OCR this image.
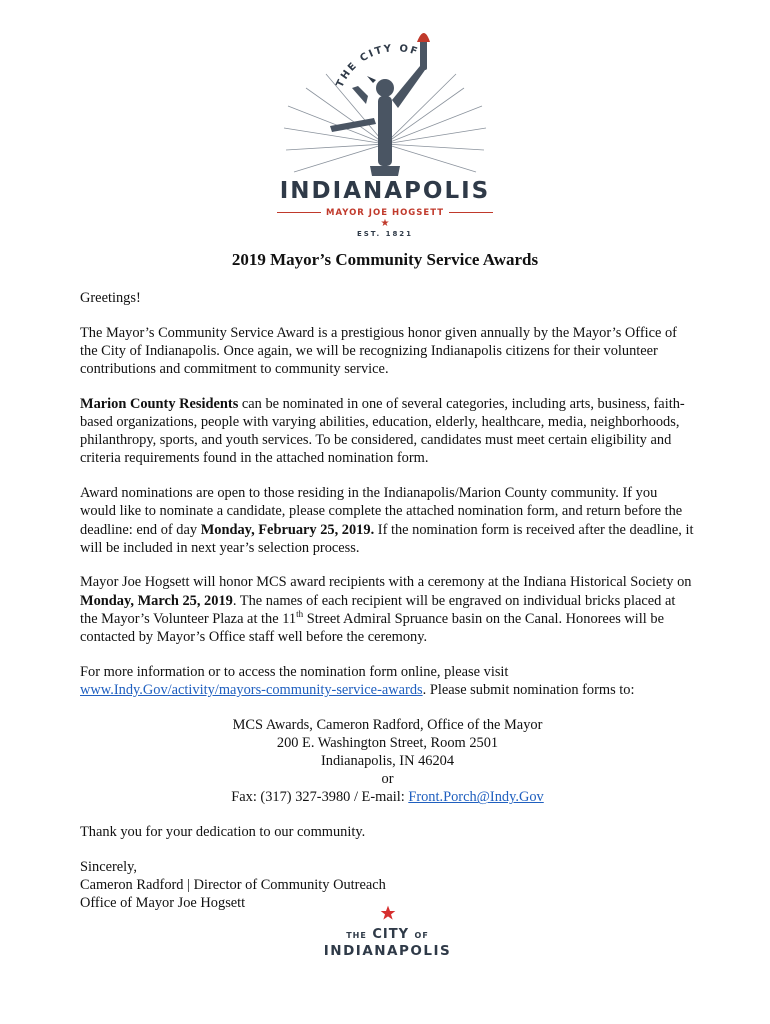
THE CITY OF
INDIANAPOLIS
MAYOR JOE HOGSETT
★
EST. 1821
2019 Mayor’s Community Service Awards

Greetings!

The Mayor’s Community Service Award is a prestigious honor given annually by the Mayor’s Office of the City of Indianapolis. Once again, we will be recognizing Indianapolis citizens for their volunteer contributions and commitment to community service.

Marion County Residents can be nominated in one of several categories, including arts, business, faith-based organizations, people with varying abilities, education, elderly, healthcare, media, neighborhoods, philanthropy, sports, and youth services. To be considered, candidates must meet certain eligibility and criteria requirements found in the attached nomination form.

Award nominations are open to those residing in the Indianapolis/Marion County community. If you would like to nominate a candidate, please complete the attached nomination form, and return before the deadline: end of day Monday, February 25, 2019. If the nomination form is received after the deadline, it will be included in next year’s selection process.

Mayor Joe Hogsett will honor MCS award recipients with a ceremony at the Indiana Historical Society on Monday, March 25, 2019. The names of each recipient will be engraved on individual bricks placed at the Mayor’s Volunteer Plaza at the 11th Street Admiral Spruance basin on the Canal. Honorees will be contacted by Mayor’s Office staff well before the ceremony.

For more information or to access the nomination form online, please visit www.Indy.Gov/activity/mayors-community-service-awards. Please submit nomination forms to:

MCS Awards, Cameron Radford, Office of the Mayor
200 E. Washington Street, Room 2501
Indianapolis, IN 46204
or
Fax: (317) 327-3980 / E-mail: Front.Porch@Indy.Gov

Thank you for your dedication to our community.

Sincerely,
Cameron Radford | Director of Community Outreach
Office of Mayor Joe Hogsett
THE CITY OF
INDIANAPOLIS
